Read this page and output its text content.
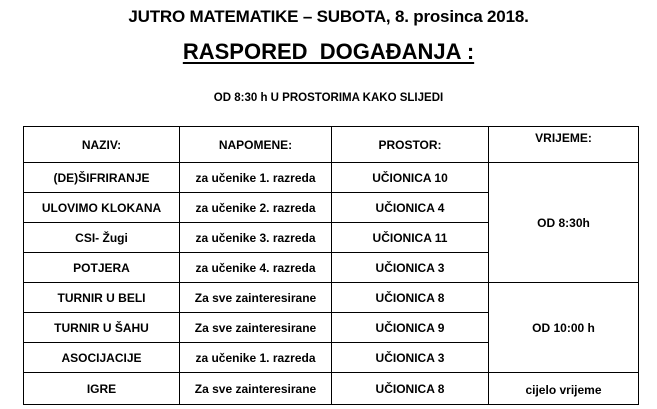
JUTRO MATEMATIKE – SUBOTA, 8. prosinca 2018.
RASPORED  DOGAĐANJA :
OD 8:30 h U PROSTORIMA KAKO SLIJEDI
NAZIV:	NAPOMENE:	PROSTOR:	VRIJEME:
(DE)ŠIFRIRANJE	za učenike 1. razreda	UČIONICA 10	OD 8:30h
ULOVIMO KLOKANA	za učenike 2. razreda	UČIONICA 4	
CSI- Žugi	za učenike 3. razreda	UČIONICA 11	
POTJERA	za učenike 4. razreda	UČIONICA 3	
TURNIR U BELI	Za sve zainteresirane	UČIONICA 8	OD 10:00 h
TURNIR U ŠAHU	Za sve zainteresirane	UČIONICA 9	
ASOCIJACIJE	za učenike 1. razreda	UČIONICA 3	
IGRE	Za sve zainteresirane	UČIONICA 8	cijelo vrijeme
